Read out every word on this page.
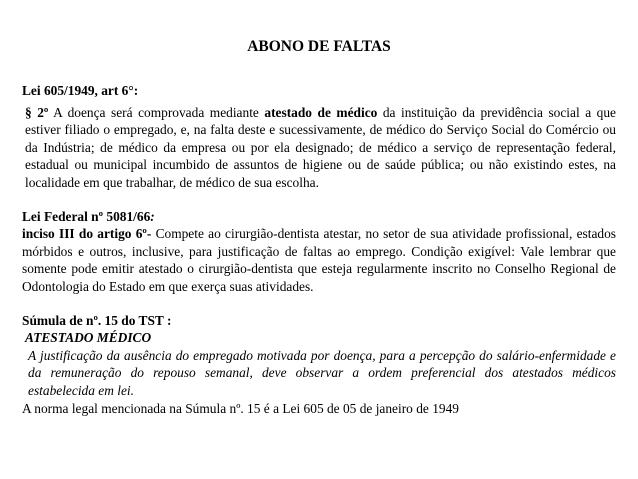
ABONO DE FALTAS
Lei 605/1949, art 6°:

§ 2º A doença será comprovada mediante atestado de médico da instituição da previdência social a que estiver filiado o empregado, e, na falta deste e sucessivamente, de médico do Serviço Social do Comércio ou da Indústria; de médico da empresa ou por ela designado; de médico a serviço de representação federal, estadual ou municipal incumbido de assuntos de higiene ou de saúde pública; ou não existindo estes, na localidade em que trabalhar, de médico de sua escolha.

Lei Federal nº 5081/66:

inciso III do artigo 6º- Compete ao cirurgião-dentista atestar, no setor de sua atividade profissional, estados mórbidos e outros, inclusive, para justificação de faltas ao emprego. Condição exigível: Vale lembrar que somente pode emitir atestado o cirurgião-dentista que esteja regularmente inscrito no Conselho Regional de Odontologia do Estado em que exerça suas atividades.

Súmula de nº. 15 do TST :
ATESTADO MÉDICO

A justificação da ausência do empregado motivada por doença, para a percepção do salário-enfermidade e da remuneração do repouso semanal, deve observar a ordem preferencial dos atestados médicos estabelecida em lei.

A norma legal mencionada na Súmula nº. 15 é a Lei 605 de 05 de janeiro de 1949
